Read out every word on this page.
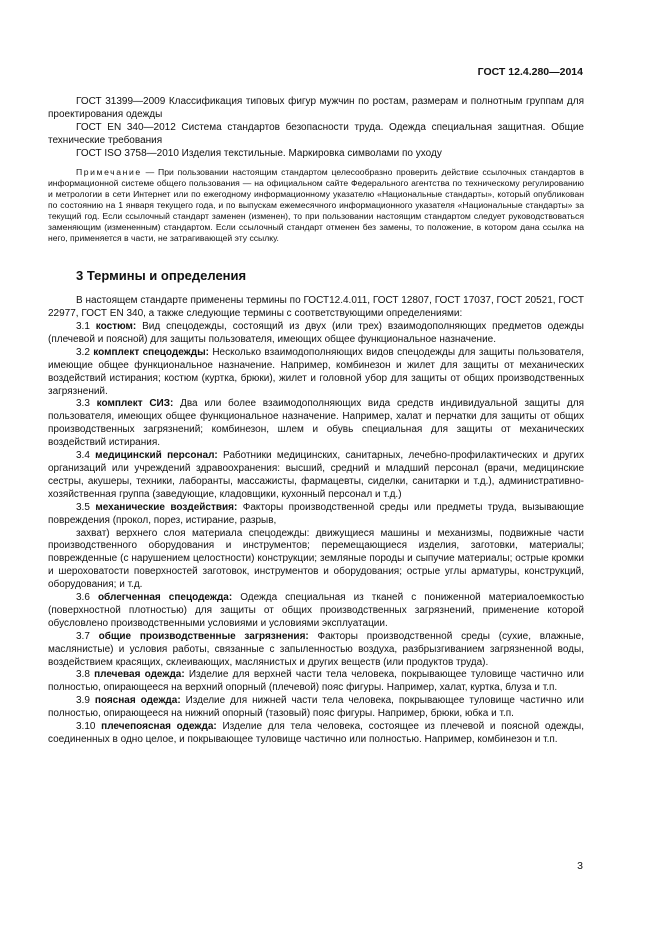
ГОСТ 12.4.280—2014

ГОСТ 31399—2009 Классификация типовых фигур мужчин по ростам, размерам и полнотным группам для проектирования одежды

ГОСТ EN 340—2012 Система стандартов безопасности труда. Одежда специальная защитная. Общие технические требования

ГОСТ ISO 3758—2010 Изделия текстильные. Маркировка символами по уходу

Примечание — При пользовании настоящим стандартом целесообразно проверить действие ссылочных стандартов в информационной системе общего пользования — на официальном сайте Федерального агентства по техническому регулированию и метрологии в сети Интернет или по ежегодному информационному указателю «Национальные стандарты», который опубликован по состоянию на 1 января текущего года, и по выпускам ежемесячного информационного указателя «Национальные стандарты» за текущий год. Если ссылочный стандарт заменен (изменен), то при пользовании настоящим стандартом следует руководствоваться заменяющим (измененным) стандартом. Если ссылочный стандарт отменен без замены, то положение, в котором дана ссылка на него, применяется в части, не затрагивающей эту ссылку.

3 Термины и определения

В настоящем стандарте применены термины по ГОСТ12.4.011, ГОСТ 12807, ГОСТ 17037, ГОСТ 20521, ГОСТ 22977, ГОСТ EN 340, а также следующие термины с соответствующими определениями:

3.1 костюм: Вид спецодежды, состоящий из двух (или трех) взаимодополняющих предметов одежды (плечевой и поясной) для защиты пользователя, имеющих общее функциональное назначение.

3.2 комплект спецодежды: Несколько взаимодополняющих видов спецодежды для защиты пользователя, имеющие общее функциональное назначение. Например, комбинезон и жилет для защиты от механических воздействий истирания; костюм (куртка, брюки), жилет и головной убор для защиты от общих производственных загрязнений.

3.3 комплект СИЗ: Два или более взаимодополняющих вида средств индивидуальной защиты для пользователя, имеющих общее функциональное назначение. Например, халат и перчатки для защиты от общих производственных загрязнений; комбинезон, шлем и обувь специальная для защиты от механических воздействий истирания.

3.4 медицинский персонал: Работники медицинских, санитарных, лечебно-профилактических и других организаций или учреждений здравоохранения: высший, средний и младший персонал (врачи, медицинские сестры, акушеры, техники, лаборанты, массажисты, фармацевты, сиделки, санитарки и т.д.), административно-хозяйственная группа (заведующие, кладовщики, кухонный персонал и т.д.)

3.5 механические воздействия: Факторы производственной среды или предметы труда, вызывающие повреждения (прокол, порез, истирание, разрыв,

захват) верхнего слоя материала спецодежды: движущиеся машины и механизмы, подвижные части производственного оборудования и инструментов; перемещающиеся изделия, заготовки, материалы; поврежденные (с нарушением целостности) конструкции; земляные породы и сыпучие материалы; острые кромки и шероховатости поверхностей заготовок, инструментов и оборудования; острые углы арматуры, конструкций, оборудования; и т.д.

3.6 облегченная спецодежда: Одежда специальная из тканей с пониженной материалоемкостью (поверхностной плотностью) для защиты от общих производственных загрязнений, применение которой обусловлено производственными условиями и условиями эксплуатации.

3.7 общие производственные загрязнения: Факторы производственной среды (сухие, влажные, маслянистые) и условия работы, связанные с запыленностью воздуха, разбрызгиванием загрязненной воды, воздействием красящих, склеивающих, маслянистых и других веществ (или продуктов труда).

3.8 плечевая одежда: Изделие для верхней части тела человека, покрывающее туловище частично или полностью, опирающееся на верхний опорный (плечевой) пояс фигуры. Например, халат, куртка, блуза и т.п.

3.9 поясная одежда: Изделие для нижней части тела человека, покрывающее туловище частично или полностью, опирающееся на нижний опорный (тазовый) пояс фигуры. Например, брюки, юбка и т.п.

3.10 плечепоясная одежда: Изделие для тела человека, состоящее из плечевой и поясной одежды, соединенных в одно целое, и покрывающее туловище частично или полностью. Например, комбинезон и т.п.

3
